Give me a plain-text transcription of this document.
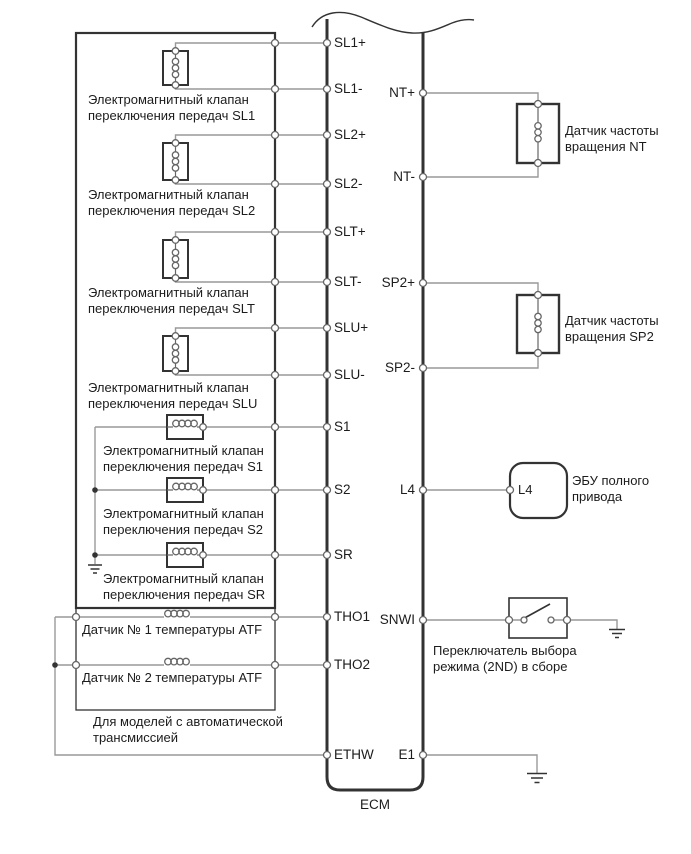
SL1+
SL1-
SL2+
SL2-
SLT+
SLT-
SLU+
SLU-
S1
S2
SR
THO1
THO2
ETHW
NT+
NT-
SP2+
SP2-
L4
SNWI
E1
Электромагнитный клапан
переключения передач SL1
Электромагнитный клапан
переключения передач SL2
Электромагнитный клапан
переключения передач SLT
Электромагнитный клапан
переключения передач SLU
Электромагнитный клапан
переключения передач S1
Электромагнитный клапан
переключения передач S2
Электромагнитный клапан
переключения передач SR
Датчик № 1 температуры ATF
Датчик № 2 температуры ATF
Для моделей с автоматической
трансмиссией
Датчик частоты
вращения NT
Датчик частоты
вращения SP2
L4
ЭБУ полного
привода
Переключатель выбора
режима (2ND) в сборе
ECM
